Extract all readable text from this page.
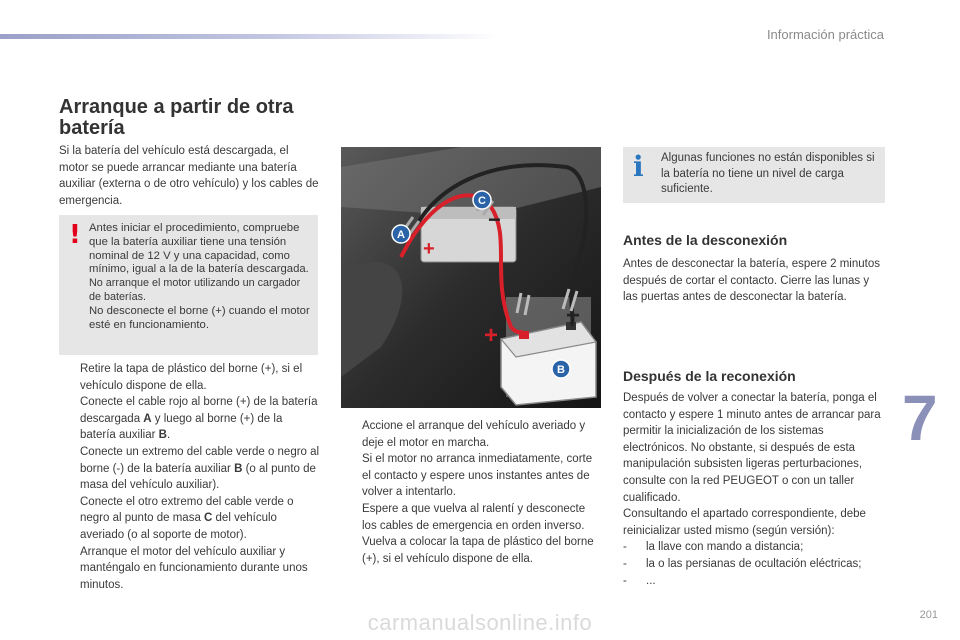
Información práctica
Arranque a partir de otra batería

Si la batería del vehículo está descargada, el motor se puede arrancar mediante una batería auxiliar (externa o de otro vehículo) y los cables de emergencia.

! Antes iniciar el procedimiento, compruebe que la batería auxiliar tiene una tensión nominal de 12 V y una capacidad, como mínimo, igual a la de la batería descargada.
No arranque el motor utilizando un cargador de baterías.
No desconecte el borne (+) cuando el motor esté en funcionamiento.
Retire la tapa de plástico del borne (+), si el vehículo dispone de ella.
Conecte el cable rojo al borne (+) de la batería descargada A y luego al borne (+) de la batería auxiliar B.
Conecte un extremo del cable verde o negro al borne (-) de la batería auxiliar B (o al punto de masa del vehículo auxiliar).
Conecte el otro extremo del cable verde o negro al punto de masa C del vehículo averiado (o al soporte de motor).
Arranque el motor del vehículo auxiliar y manténgalo en funcionamiento durante unos minutos.
+
−
+
−
A
C
B
Accione el arranque del vehículo averiado y deje el motor en marcha.
Si el motor no arranca inmediatamente, corte el contacto y espere unos instantes antes de volver a intentarlo.
Espere a que vuelva al ralentí y desconecte los cables de emergencia en orden inverso.
Vuelva a colocar la tapa de plástico del borne (+), si el vehículo dispone de ella.
i Algunas funciones no están disponibles si la batería no tiene un nivel de carga suficiente.
Antes de la desconexión

Antes de desconectar la batería, espere 2 minutos después de cortar el contacto. Cierre las lunas y las puertas antes de desconectar la batería.

Después de la reconexión

Después de volver a conectar la batería, ponga el contacto y espere 1 minuto antes de arrancar para permitir la inicialización de los sistemas electrónicos. No obstante, si después de esta manipulación subsisten ligeras perturbaciones, consulte con la red PEUGEOT o con un taller cualificado.

Consultando el apartado correspondiente, debe reinicializar usted mismo (según versión):

-	la llave con mando a distancia;
-	la o las persianas de ocultación eléctricas;
-	...
7
201
carmanualsonline.info
